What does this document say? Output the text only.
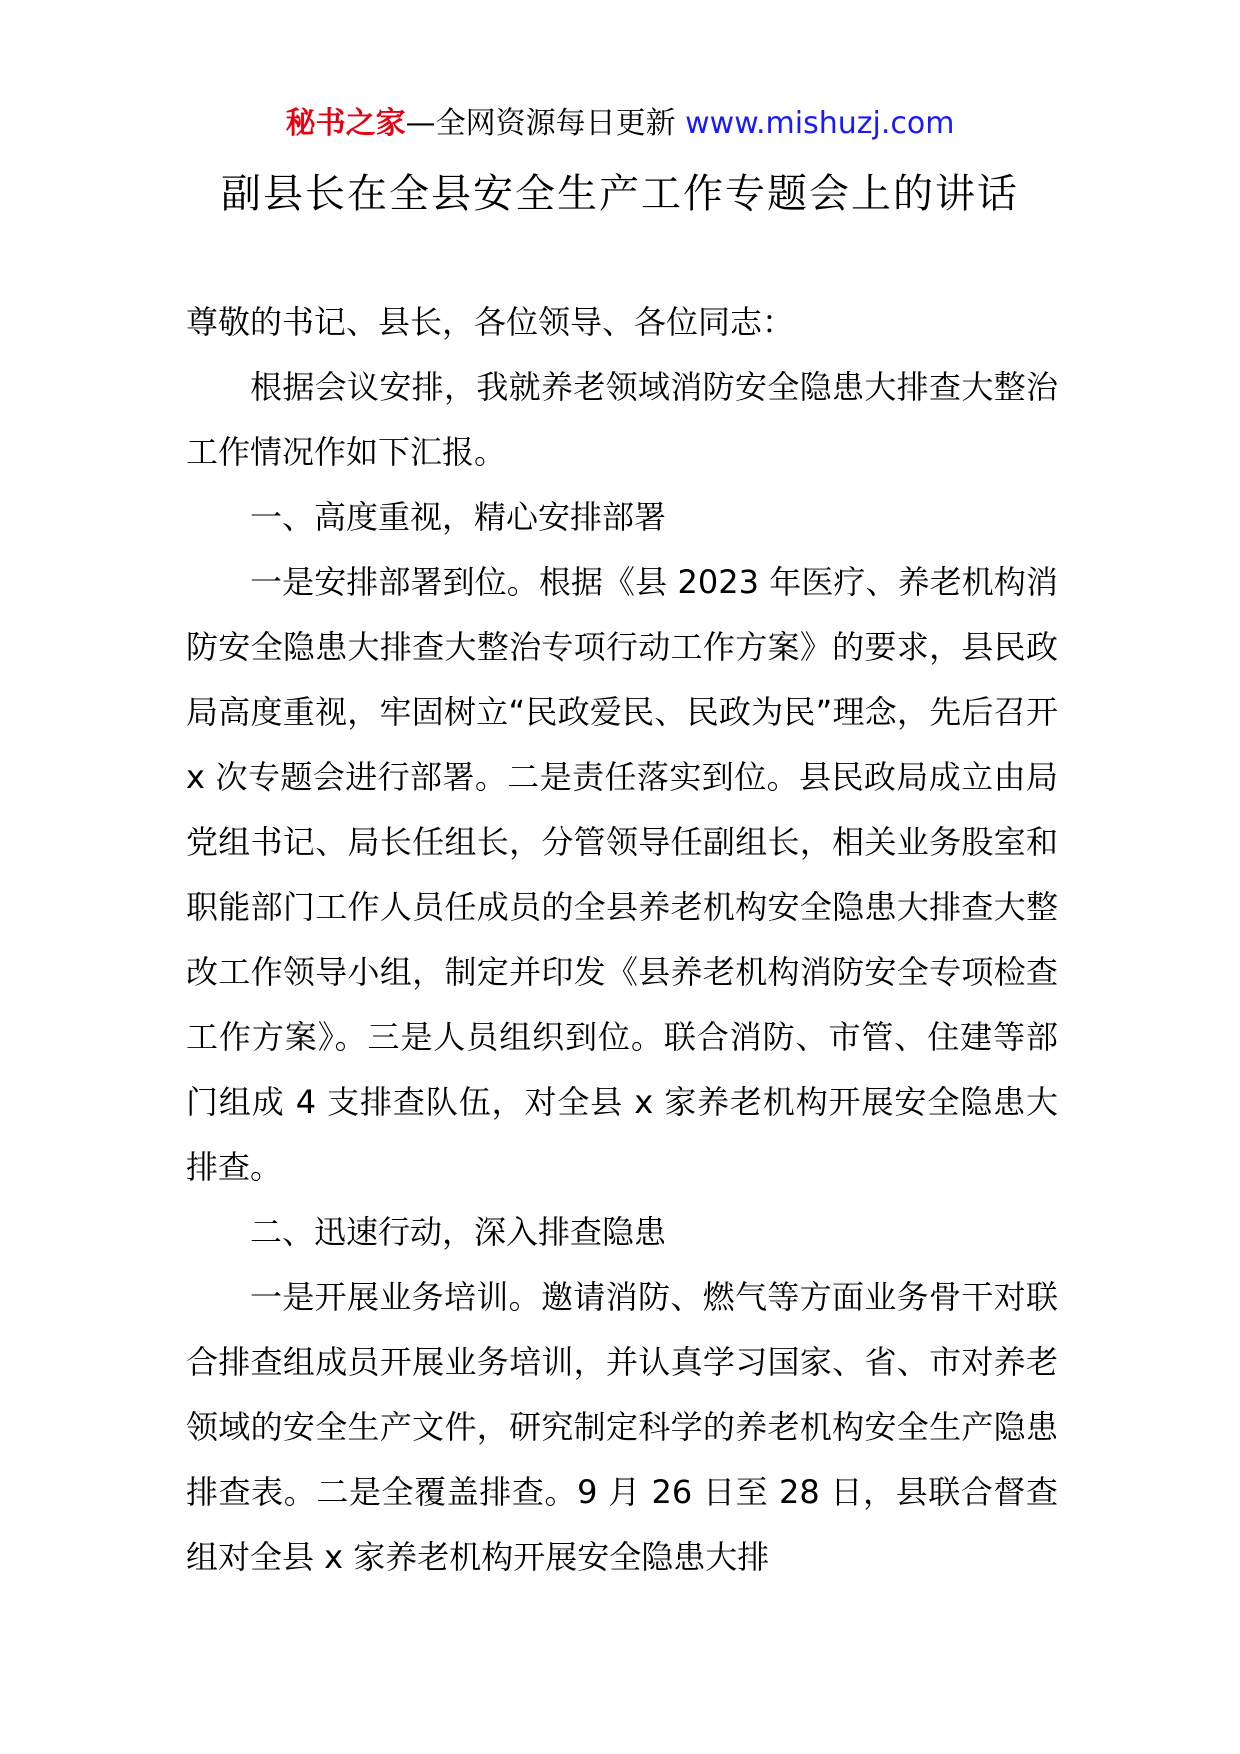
秘书之家—全网资源每日更新 www.mishuzj.com
副县长在全县安全生产工作专题会上的讲话

尊敬的书记、县长，各位领导、各位同志：

根据会议安排，我就养老领域消防安全隐患大排查大整治工作情况作如下汇报。

一、高度重视，精心安排部署

一是安排部署到位。根据《县 2023 年医疗、养老机构消防安全隐患大排查大整治专项行动工作方案》的要求，县民政局高度重视，牢固树立“民政爱民、民政为民”理念，先后召开 x 次专题会进行部署。二是责任落实到位。县民政局成立由局党组书记、局长任组长，分管领导任副组长，相关业务股室和职能部门工作人员任成员的全县养老机构安全隐患大排查大整改工作领导小组，制定并印发《县养老机构消防安全专项检查工作方案》。三是人员组织到位。联合消防、市管、住建等部门组成 4 支排查队伍，对全县 x 家养老机构开展安全隐患大排查。

二、迅速行动，深入排查隐患

一是开展业务培训。邀请消防、燃气等方面业务骨干对联合排查组成员开展业务培训，并认真学习国家、省、市对养老领域的安全生产文件，研究制定科学的养老机构安全生产隐患排查表。二是全覆盖排查。9 月 26 日至 28 日，县联合督查组对全县 x 家养老机构开展安全隐患大排
